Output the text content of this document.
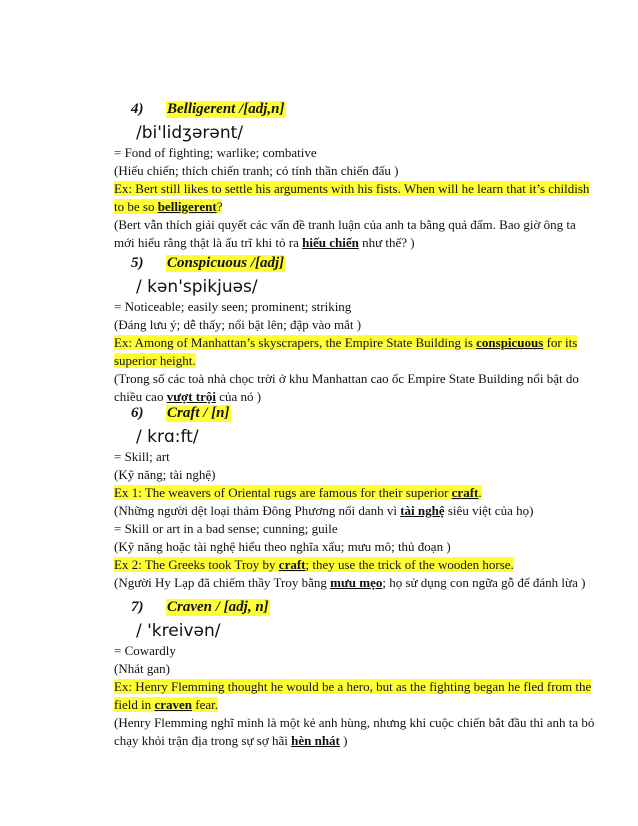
4) Belligerent /[adj,n]
/bi'lidʒərənt/
= Fond of fighting; warlike; combative
(Hiếu chiến; thích chiến tranh; có tính thần chiến đấu )
Ex: Bert still likes to settle his arguments with his fists. When will he learn that it’s childish to be so belligerent?
(Bert vẫn thích giải quyết các vấn đề tranh luận của anh ta bằng quả đấm. Bao giờ ông ta mới hiểu rằng thật là ấu trĩ khi tỏ ra hiếu chiến như thế? )
5) Conspicuous /[adj]
/ kən'spikjuəs/
= Noticeable; easily seen; prominent; striking
(Đáng lưu ý; dễ thấy; nổi bật lên; đập vào mắt )
Ex: Among of Manhattan’s skyscrapers, the Empire State Building is conspicuous for its superior height.
(Trong số các toà nhà chọc trời ở khu Manhattan cao ốc Empire State Building nổi bật do chiều cao vượt trội của nó )
6) Craft / [n]
/ krɑ:ft/
= Skill; art
(Kỹ năng; tài nghệ)
Ex 1: The weavers of Oriental rugs are famous for their superior craft.
(Những người dệt loại thảm Đông Phương nổi danh vì tài nghệ siêu việt của họ)
= Skill or art in a bad sense; cunning; guile
(Kỹ năng hoặc tài nghệ hiểu theo nghĩa xấu; mưu mô; thủ đoạn )
Ex 2: The Greeks took Troy by craft; they use the trick of the wooden horse.
(Người Hy Lạp đã chiếm thầy Troy bằng mưu mẹo; họ sử dụng con ngữa gỗ để đánh lừa )
7) Craven / [adj, n]
/ 'kreivən/
= Cowardly
(Nhát gan)
Ex: Henry Flemming thought he would be a hero, but as the fighting began he fled from the field in craven fear.
(Henry Flemming nghĩ mình là một kẻ anh hùng, nhưng khi cuộc chiến bắt đầu thì anh ta bỏ chạy khỏi trận địa trong sự sợ hãi hèn nhát )
